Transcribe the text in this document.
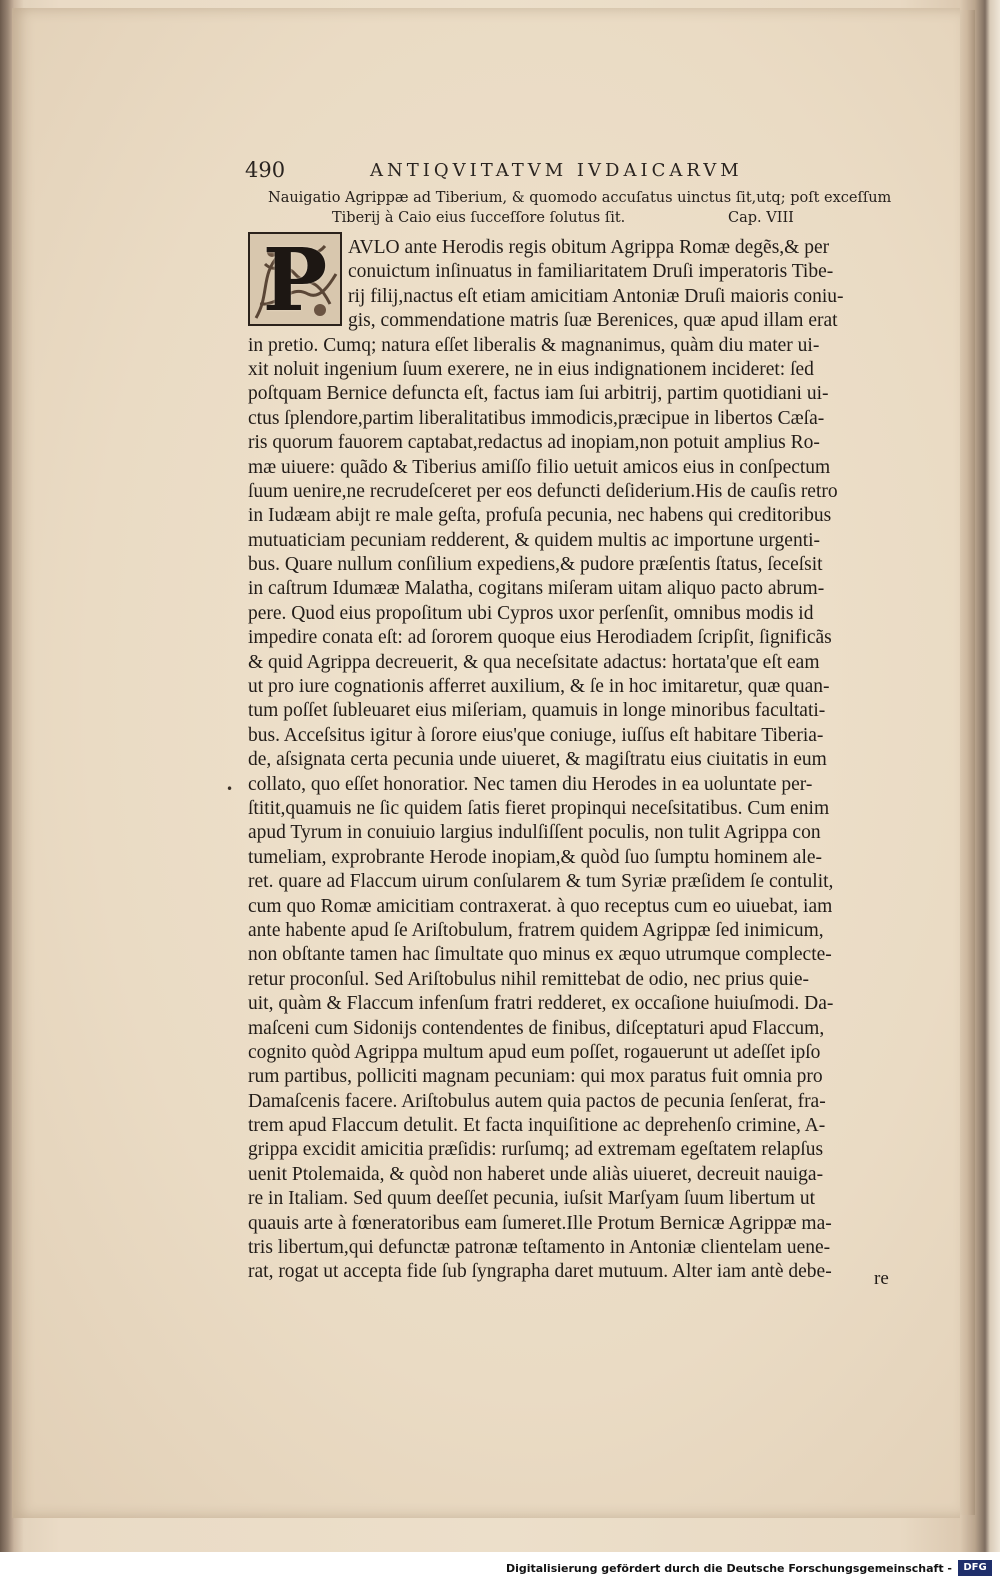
490	ANTIQVITATVM IVDAICARVM
Nauigatio Agrippæ ad Tiberium, & quomodo accuſatus uinctus ſit,utq; poſt exceſſum
Tiberij à Caio eius ſucceſſore ſolutus ſit.	Cap. VIII
P	AVLO ante Herodis regis obitum Agrippa Romæ degẽs,& per
conuictum inſinuatus in familiaritatem Druſi imperatoris Tibe-
rij filij,nactus eſt etiam amicitiam Antoniæ Druſi maioris coniu-
gis, commendatione matris ſuæ Berenices, quæ apud illam erat
in pretio. Cumq; natura eſſet liberalis & magnanimus, quàm diu mater ui-
xit noluit ingenium ſuum exerere, ne in eius indignationem incideret: ſed
poſtquam Bernice defuncta eſt, factus iam ſui arbitrij, partim quotidiani ui-
ctus ſplendore,partim liberalitatibus immodicis,præcipue in libertos Cæſa-
ris quorum fauorem captabat,redactus ad inopiam,non potuit amplius Ro-
mæ uiuere: quãdo & Tiberius amiſſo filio uetuit amicos eius in conſpectum
ſuum uenire,ne recrudeſceret per eos defuncti deſiderium.His de cauſis retro
in Iudæam abijt re male geſta, profuſa pecunia, nec habens qui creditoribus
mutuaticiam pecuniam redderent, & quidem multis ac importune urgenti-
bus. Quare nullum conſilium expediens,& pudore præſentis ſtatus, ſeceſsit
in caſtrum Idumææ Malatha, cogitans miſeram uitam aliquo pacto abrum-
pere. Quod eius propoſitum ubi Cypros uxor perſenſit, omnibus modis id
impedire conata eſt: ad ſororem quoque eius Herodiadem ſcripſit, ſignificãs
& quid Agrippa decreuerit, & qua neceſsitate adactus: hortata'que eſt eam
ut pro iure cognationis afferret auxilium, & ſe in hoc imitaretur, quæ quan-
tum poſſet ſubleuaret eius miſeriam, quamuis in longe minoribus facultati-
bus. Acceſsitus igitur à ſorore eius'que coniuge, iuſſus eſt habitare Tiberia-
de, aſsignata certa pecunia unde uiueret, & magiſtratu eius ciuitatis in eum
collato, quo eſſet honoratior. Nec tamen diu Herodes in ea uoluntate per-
ſtitit,quamuis ne ſic quidem ſatis fieret propinqui neceſsitatibus. Cum enim
apud Tyrum in conuiuio largius indulſiſſent poculis, non tulit Agrippa con
tumeliam, exprobrante Herode inopiam,& quòd ſuo ſumptu hominem ale-
ret. quare ad Flaccum uirum conſularem & tum Syriæ præſidem ſe contulit,
cum quo Romæ amicitiam contraxerat. à quo receptus cum eo uiuebat, iam
ante habente apud ſe Ariſtobulum, fratrem quidem Agrippæ ſed inimicum,
non obſtante tamen hac ſimultate quo minus ex æquo utrumque complecte-
retur proconſul. Sed Ariſtobulus nihil remittebat de odio, nec prius quie-
uit, quàm & Flaccum infenſum fratri redderet, ex occaſione huiuſmodi. Da-
maſceni cum Sidonijs contendentes de finibus, diſceptaturi apud Flaccum,
cognito quòd Agrippa multum apud eum poſſet, rogauerunt ut adeſſet ipſo
rum partibus, polliciti magnam pecuniam: qui mox paratus fuit omnia pro
Damaſcenis facere. Ariſtobulus autem quia pactos de pecunia ſenſerat, fra-
trem apud Flaccum detulit. Et facta inquiſitione ac deprehenſo crimine, A-
grippa excidit amicitia præſidis: rurſumq; ad extremam egeſtatem relapſus
uenit Ptolemaida, & quòd non haberet unde aliàs uiueret, decreuit nauiga-
re in Italiam. Sed quum deeſſet pecunia, iuſsit Marſyam ſuum libertum ut
quauis arte à fœneratoribus eam ſumeret.Ille Protum Bernicæ Agrippæ ma-
tris libertum,qui defunctæ patronæ teſtamento in Antoniæ clientelam uene-
rat, rogat ut accepta fide ſub ſyngrapha daret mutuum. Alter iam antè debe-
•
re
Digitalisierung gefördert durch die Deutsche Forschungsgemeinschaft -	DFG
